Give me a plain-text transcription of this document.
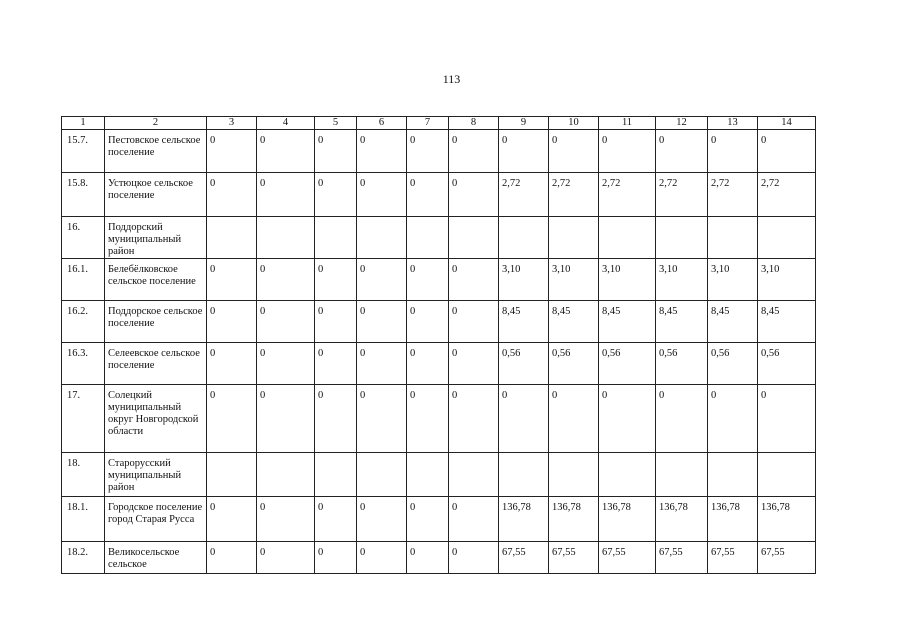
113
1	2	3	4	5	6	7	8	9	10	11	12	13	14
15.7.	Пестовское сельское поселение	0	0	0	0	0	0	0	0	0	0	0	0
15.8.	Устюцкое сельское поселение	0	0	0	0	0	0	2,72	2,72	2,72	2,72	2,72	2,72
16.	Поддорский муниципальный район												
16.1.	Белебёлковское сельское поселение	0	0	0	0	0	0	3,10	3,10	3,10	3,10	3,10	3,10
16.2.	Поддорское сельское поселение	0	0	0	0	0	0	8,45	8,45	8,45	8,45	8,45	8,45
16.3.	Селеевское сельское поселение	0	0	0	0	0	0	0,56	0,56	0,56	0,56	0,56	0,56
17.	Солецкий муниципальный округ Новгородской области	0	0	0	0	0	0	0	0	0	0	0	0
18.	Старорусский муниципальный район												
18.1.	Городское поселение город Старая Русса	0	0	0	0	0	0	136,78	136,78	136,78	136,78	136,78	136,78
18.2.	Великосельское сельское	0	0	0	0	0	0	67,55	67,55	67,55	67,55	67,55	67,55
